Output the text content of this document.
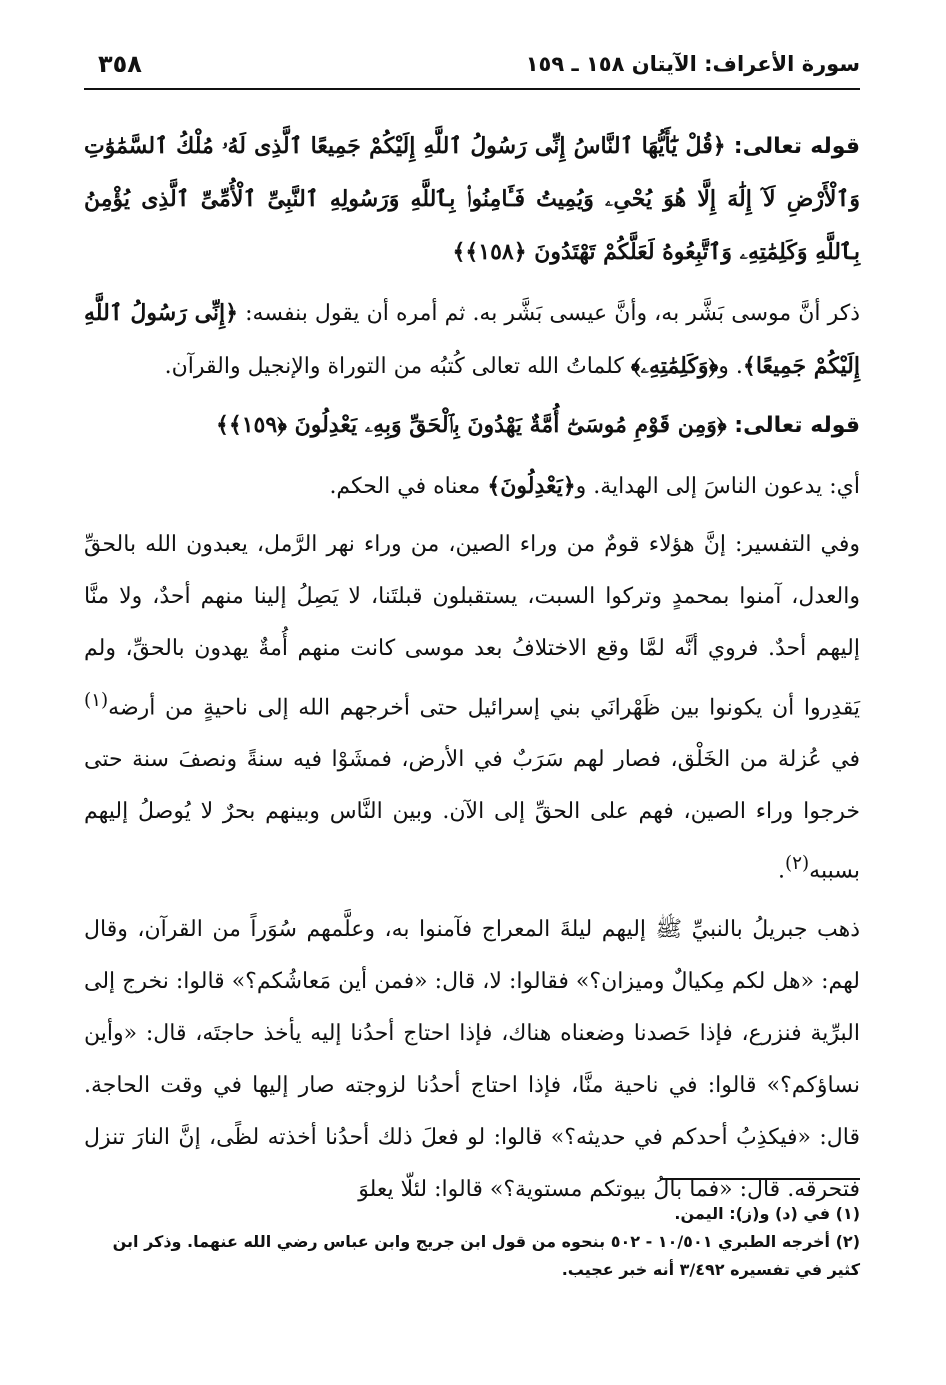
سورة الأعراف: الآيتان ١٥٨ ـ ١٥٩
٣٥٨

قوله تعالى: ﴿قُلْ يَٰٓأَيُّهَا ٱلنَّاسُ إِنِّى رَسُولُ ٱللَّهِ إِلَيْكُمْ جَمِيعًا ٱلَّذِى لَهُۥ مُلْكُ ٱلسَّمَٰوَٰتِ وَٱلْأَرْضِ لَآ إِلَٰهَ إِلَّا هُوَ يُحْىِۦ وَيُمِيتُ فَـَٔامِنُوا۟ بِٱللَّهِ وَرَسُولِهِ ٱلنَّبِىِّ ٱلْأُمِّىِّ ٱلَّذِى يُؤْمِنُ بِٱللَّهِ وَكَلِمَٰتِهِۦ وَٱتَّبِعُوهُ لَعَلَّكُمْ تَهْتَدُونَ ﴿١٥٨﴾﴾

ذكر أنَّ موسى بَشَّر به، وأنَّ عيسى بَشَّر به. ثم أمره أن يقول بنفسه: ﴿إِنِّى رَسُولُ ٱللَّهِ إِلَيْكُمْ جَمِيعًا﴾. و﴿وَكَلِمَٰتِهِۦ﴾ كلماتُ الله تعالى كُتبُه من التوراة والإنجيل والقرآن.

قوله تعالى: ﴿وَمِن قَوْمِ مُوسَىٰٓ أُمَّةٌ يَهْدُونَ بِٱلْحَقِّ وَبِهِۦ يَعْدِلُونَ ﴿١٥٩﴾﴾

أي: يدعون الناسَ إلى الهداية. و﴿يَعْدِلُونَ﴾ معناه في الحكم.

وفي التفسير: إنَّ هؤلاء قومٌ من وراء الصين، من وراء نهر الرَّمل، يعبدون الله بالحقِّ والعدل، آمنوا بمحمدٍ وتركوا السبت، يستقبلون قبلتَنا، لا يَصِلُ إلينا منهم أحدٌ، ولا منَّا إليهم أحدٌ. فروي أنَّه لمَّا وقع الاختلافُ بعد موسى كانت منهم أُمةٌ يهدون بالحقِّ، ولم يَقدِروا أن يكونوا بين ظَهْرانَي بني إسرائيل حتى أخرجهم الله إلى ناحيةٍ من أرضه$^{(١)}$ في عُزلة من الخَلْق، فصار لهم سَرَبٌ في الأرض، فمشَوْا فيه سنةً ونصفَ سنة حتى خرجوا وراء الصين، فهم على الحقِّ إلى الآن. وبين النَّاس وبينهم بحرٌ لا يُوصلُ إليهم بسببه$^{(٢)}$.

ذهب جبريلُ بالنبيِّ ﷺ إليهم ليلةَ المعراج فآمنوا به، وعلَّمهم سُوَراً من القرآن، وقال لهم: «هل لكم مِكيالٌ وميزان؟» فقالوا: لا، قال: «فمن أين مَعاشُكم؟» قالوا: نخرج إلى البرِّية فنزرع، فإذا حَصدنا وضعناه هناك، فإذا احتاج أحدُنا إليه يأخذ حاجتَه، قال: «وأين نساؤكم؟» قالوا: في ناحية منَّا، فإذا احتاج أحدُنا لزوجته صار إليها في وقت الحاجة. قال: «فيكذِبُ أحدكم في حديثه؟» قالوا: لو فعلَ ذلك أحدُنا أخذته لظًى، إنَّ النارَ تنزل فتحرقه. قال: «فما بالُ بيوتكم مستوية؟» قالوا: لئلّا يعلوَ

(١) في (د) و(ز): اليمن.

(٢) أخرجه الطبري ١٠/٥٠١ - ٥٠٢ بنحوه من قول ابن جريج وابن عباس رضي الله عنهما. وذكر ابن كثير في تفسيره ٣/٤٩٢ أنه خبر عجيب.
